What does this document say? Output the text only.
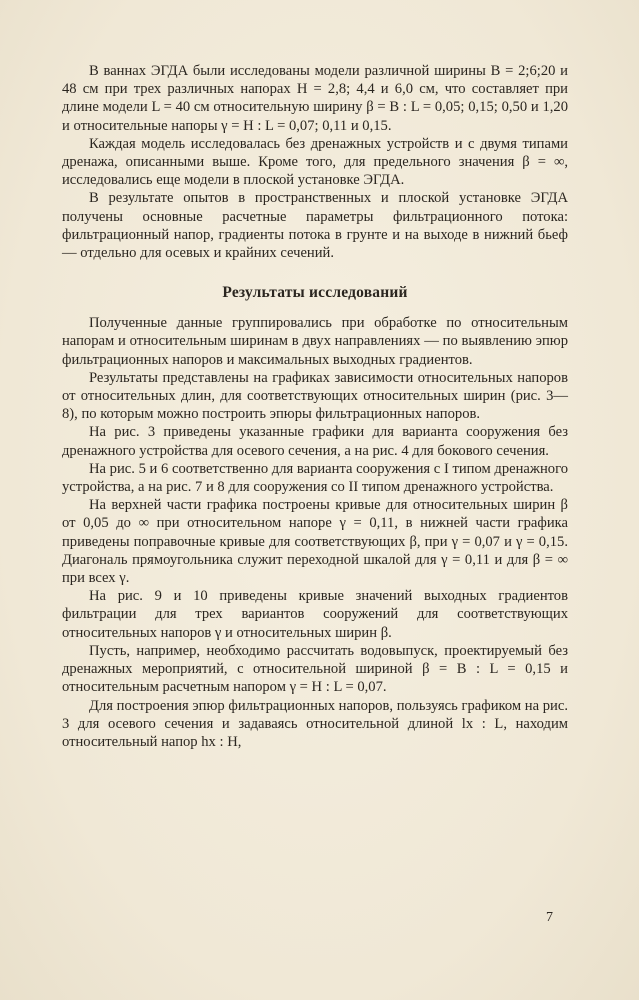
В ваннах ЭГДА были исследованы модели различной ширины B = 2;6;20 и 48 см при трех различных напорах H = 2,8; 4,4 и 6,0 см, что составляет при длине модели L = 40 см относительную ширину β = B : L = 0,05; 0,15; 0,50 и 1,20 и относительные напоры γ = H : L = 0,07; 0,11 и 0,15.

Каждая модель исследовалась без дренажных устройств и с двумя типами дренажа, описанными выше. Кроме того, для предельного значения β = ∞, исследовались еще модели в плоской установке ЭГДА.

В результате опытов в пространственных и плоской установке ЭГДА получены основные расчетные параметры фильтрационного потока: фильтрационный напор, градиенты потока в грунте и на выходе в нижний бьеф — отдельно для осевых и крайних сечений.

Результаты исследований

Полученные данные группировались при обработке по относительным напорам и относительным ширинам в двух направлениях — по выявлению эпюр фильтрационных напоров и максимальных выходных градиентов.

Результаты представлены на графиках зависимости относительных напоров от относительных длин, для соответствующих относительных ширин (рис. 3—8), по которым можно построить эпюры фильтрационных напоров.

На рис. 3 приведены указанные графики для варианта сооружения без дренажного устройства для осевого сечения, а на рис. 4 для бокового сечения.

На рис. 5 и 6 соответственно для варианта сооружения с I типом дренажного устройства, а на рис. 7 и 8 для сооружения со II типом дренажного устройства.

На верхней части графика построены кривые для относительных ширин β от 0,05 до ∞ при относительном напоре γ = 0,11, в нижней части графика приведены поправочные кривые для соответствующих β, при γ = 0,07 и γ = 0,15. Диагональ прямоугольника служит переходной шкалой для γ = 0,11 и для β = ∞ при всех γ.

На рис. 9 и 10 приведены кривые значений выходных градиентов фильтрации для трех вариантов сооружений для соответствующих относительных напоров γ и относительных ширин β.

Пусть, например, необходимо рассчитать водовыпуск, проектируемый без дренажных мероприятий, с относительной шириной β = B : L = 0,15 и относительным расчетным напором γ = H : L = 0,07.

Для построения эпюр фильтрационных напоров, пользуясь графиком на рис. 3 для осевого сечения и задаваясь относительной длиной lx : L, находим относительный напор hx : H,

7
